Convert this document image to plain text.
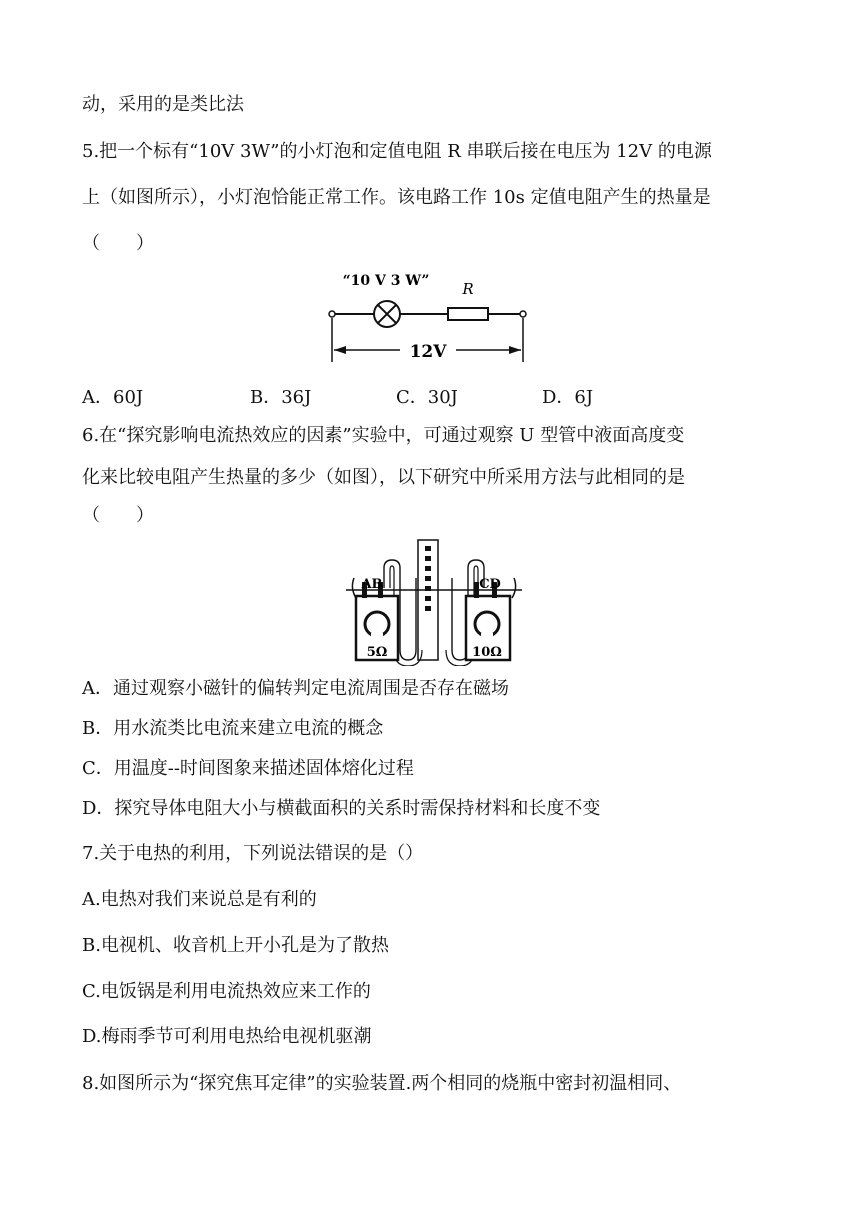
动，采用的是类比法
5.把一个标有“10V 3W”的小灯泡和定值电阻 R 串联后接在电压为 12V 的电源
上（如图所示），小灯泡恰能正常工作。该电路工作 10s 定值电阻产生的热量是
（　　）
“10 V 3 W” R
12V
A．60J	B．36J	C．30J	D．6J
6.在“探究影响电流热效应的因素”实验中，可通过观察 U 型管中液面高度变
化来比较电阻产生热量的多少（如图），以下研究中所采用方法与此相同的是
（　　）
AB
5Ω
CD
10Ω
A．通过观察小磁针的偏转判定电流周围是否存在磁场
B．用水流类比电流来建立电流的概念
C．用温度--时间图象来描述固体熔化过程
D．探究导体电阻大小与横截面积的关系时需保持材料和长度不变
7.关于电热的利用，下列说法错误的是（）
A.电热对我们来说总是有利的
B.电视机、收音机上开小孔是为了散热
C.电饭锅是利用电流热效应来工作的
D.梅雨季节可利用电热给电视机驱潮
8.如图所示为“探究焦耳定律”的实验装置.两个相同的烧瓶中密封初温相同、
